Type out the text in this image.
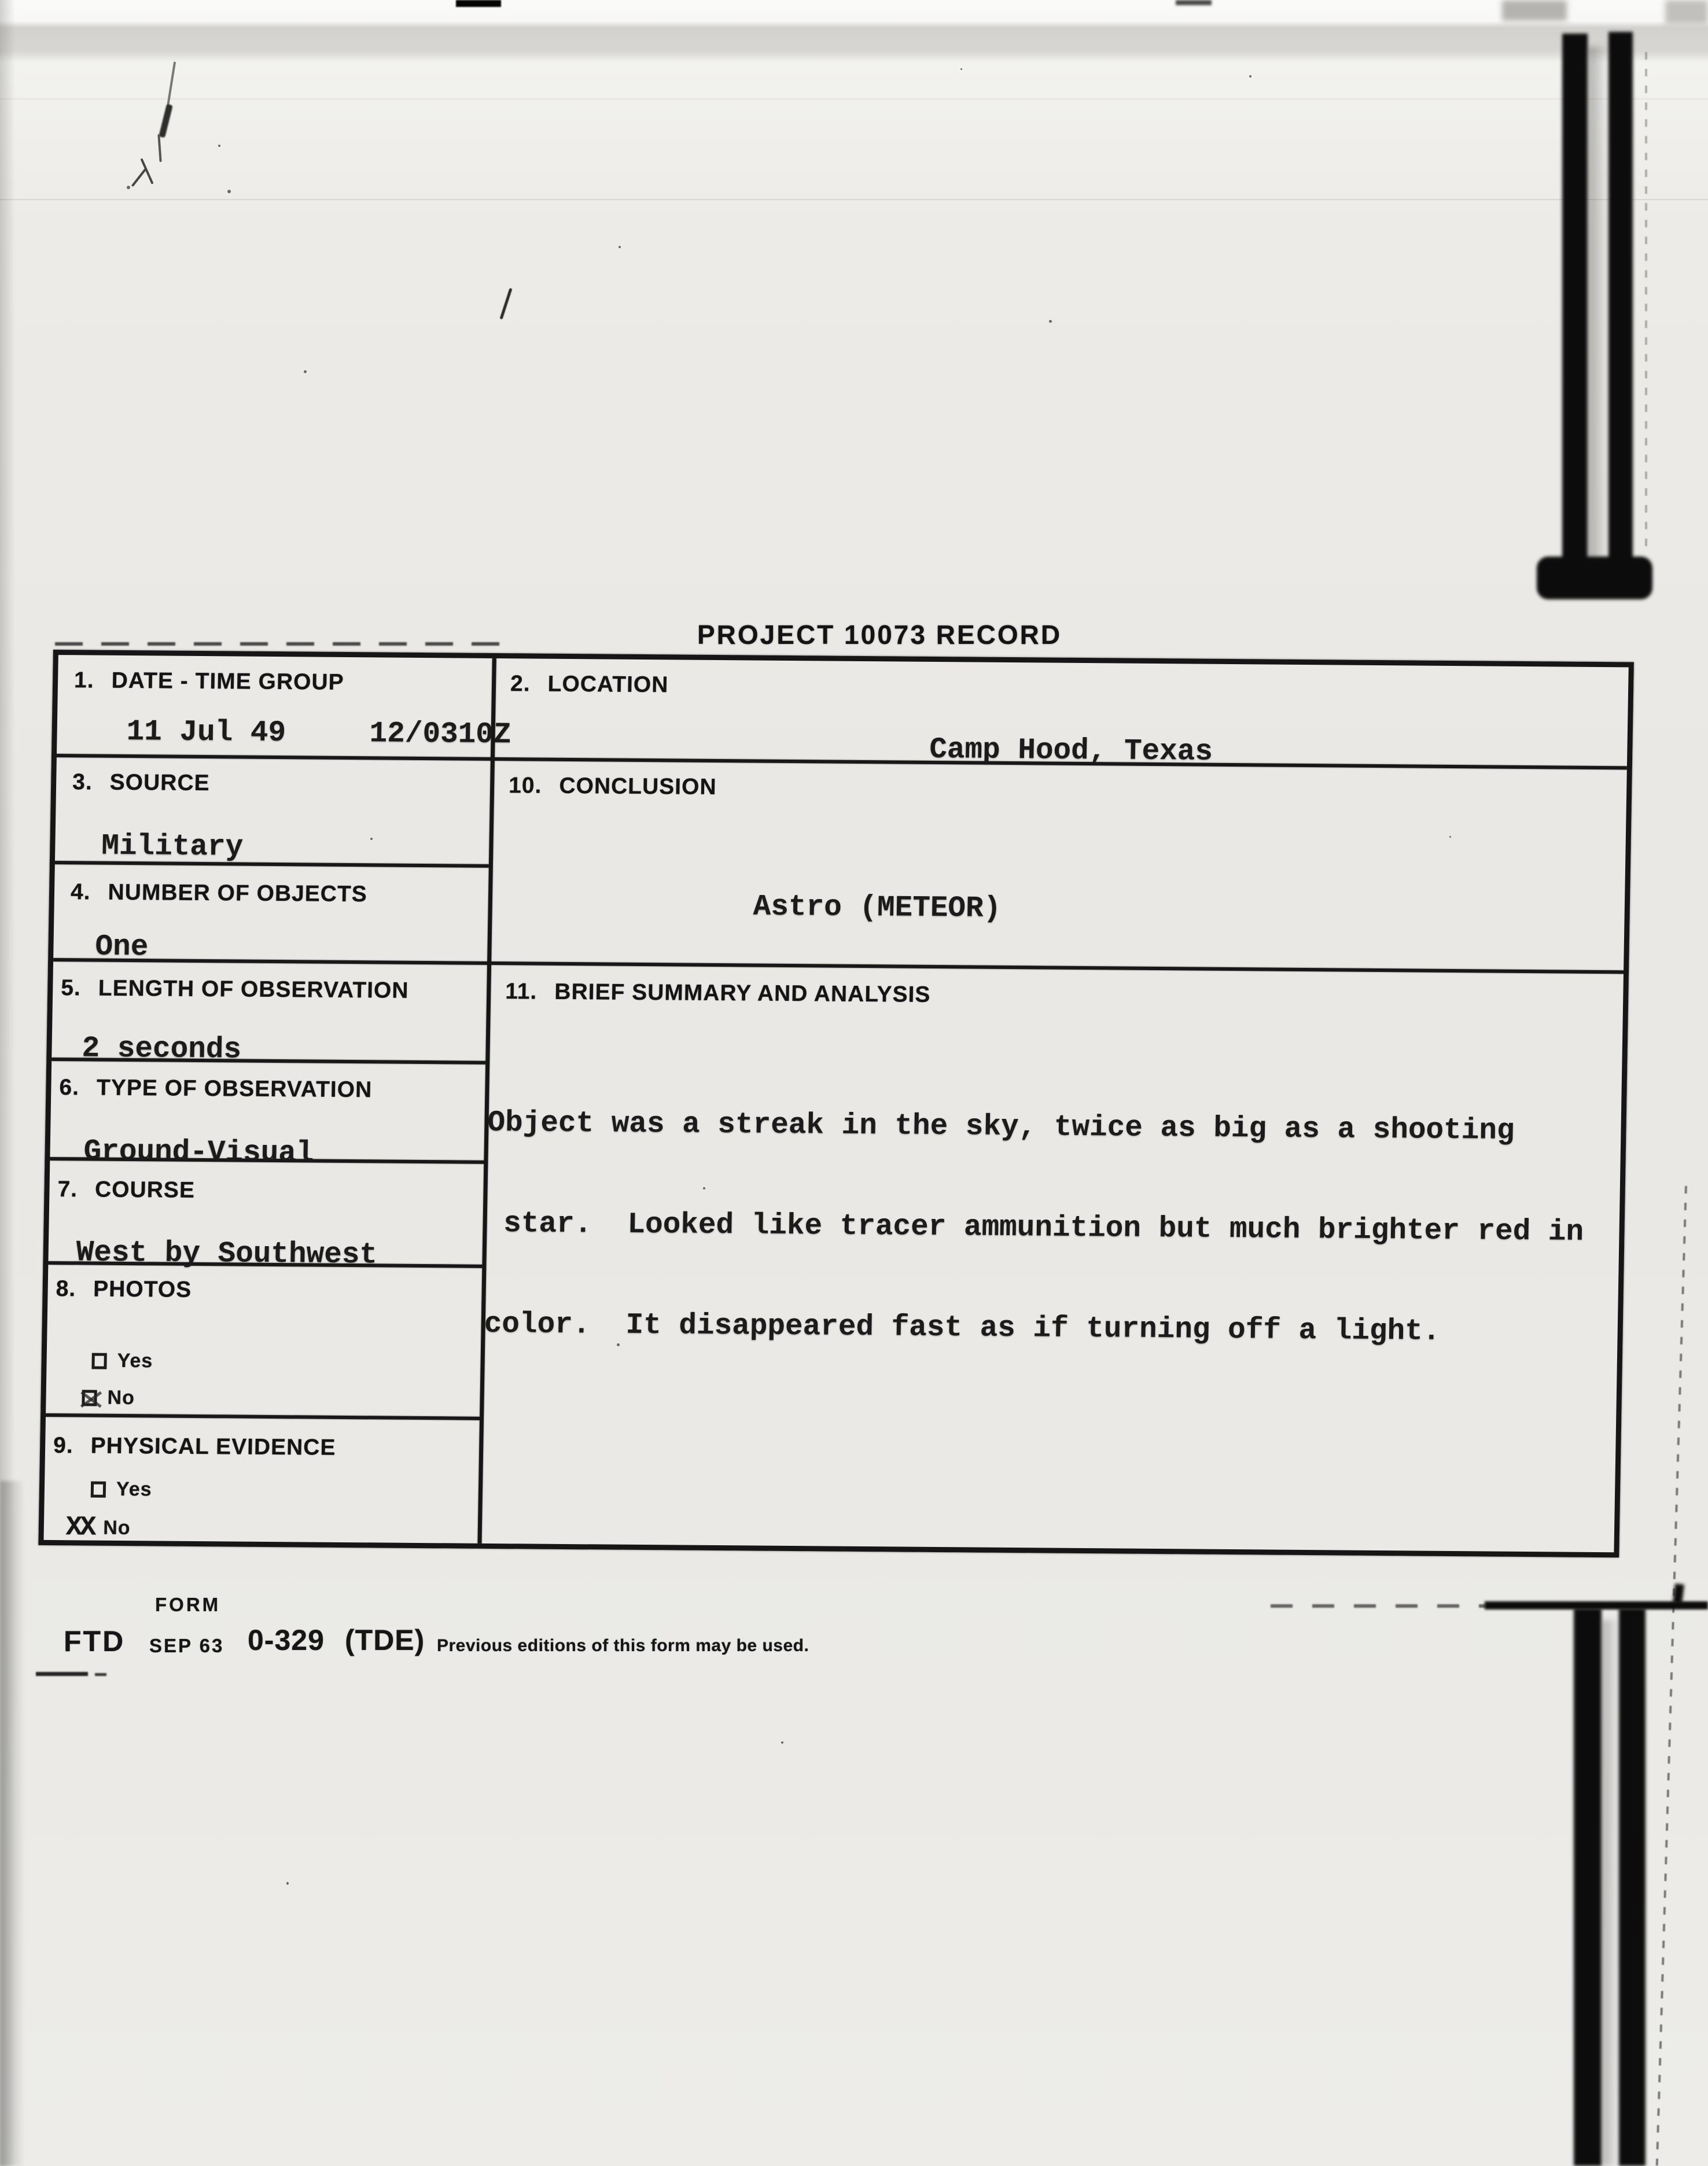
PROJECT 10073 RECORD
1. DATE - TIME GROUP
11 Jul 49	12/0310Z
2. LOCATION
Camp Hood, Texas
3. SOURCE
Military
4. NUMBER OF OBJECTS
One
10. CONCLUSION
Astro (METEOR)
5. LENGTH OF OBSERVATION
2 seconds
11. BRIEF SUMMARY AND ANALYSIS

Object was a streak in the sky, twice as big as a shooting

star.  Looked like tracer ammunition but much brighter red in

color.  It disappeared fast as if turning off a light.

6. TYPE OF OBSERVATION
Ground-Visual
7. COURSE
West by Southwest
8. PHOTOS
Yes
No
9. PHYSICAL EVIDENCE
Yes
XX No
FORM
FTD SEP 63 0-329 (TDE) Previous editions of this form may be used.
